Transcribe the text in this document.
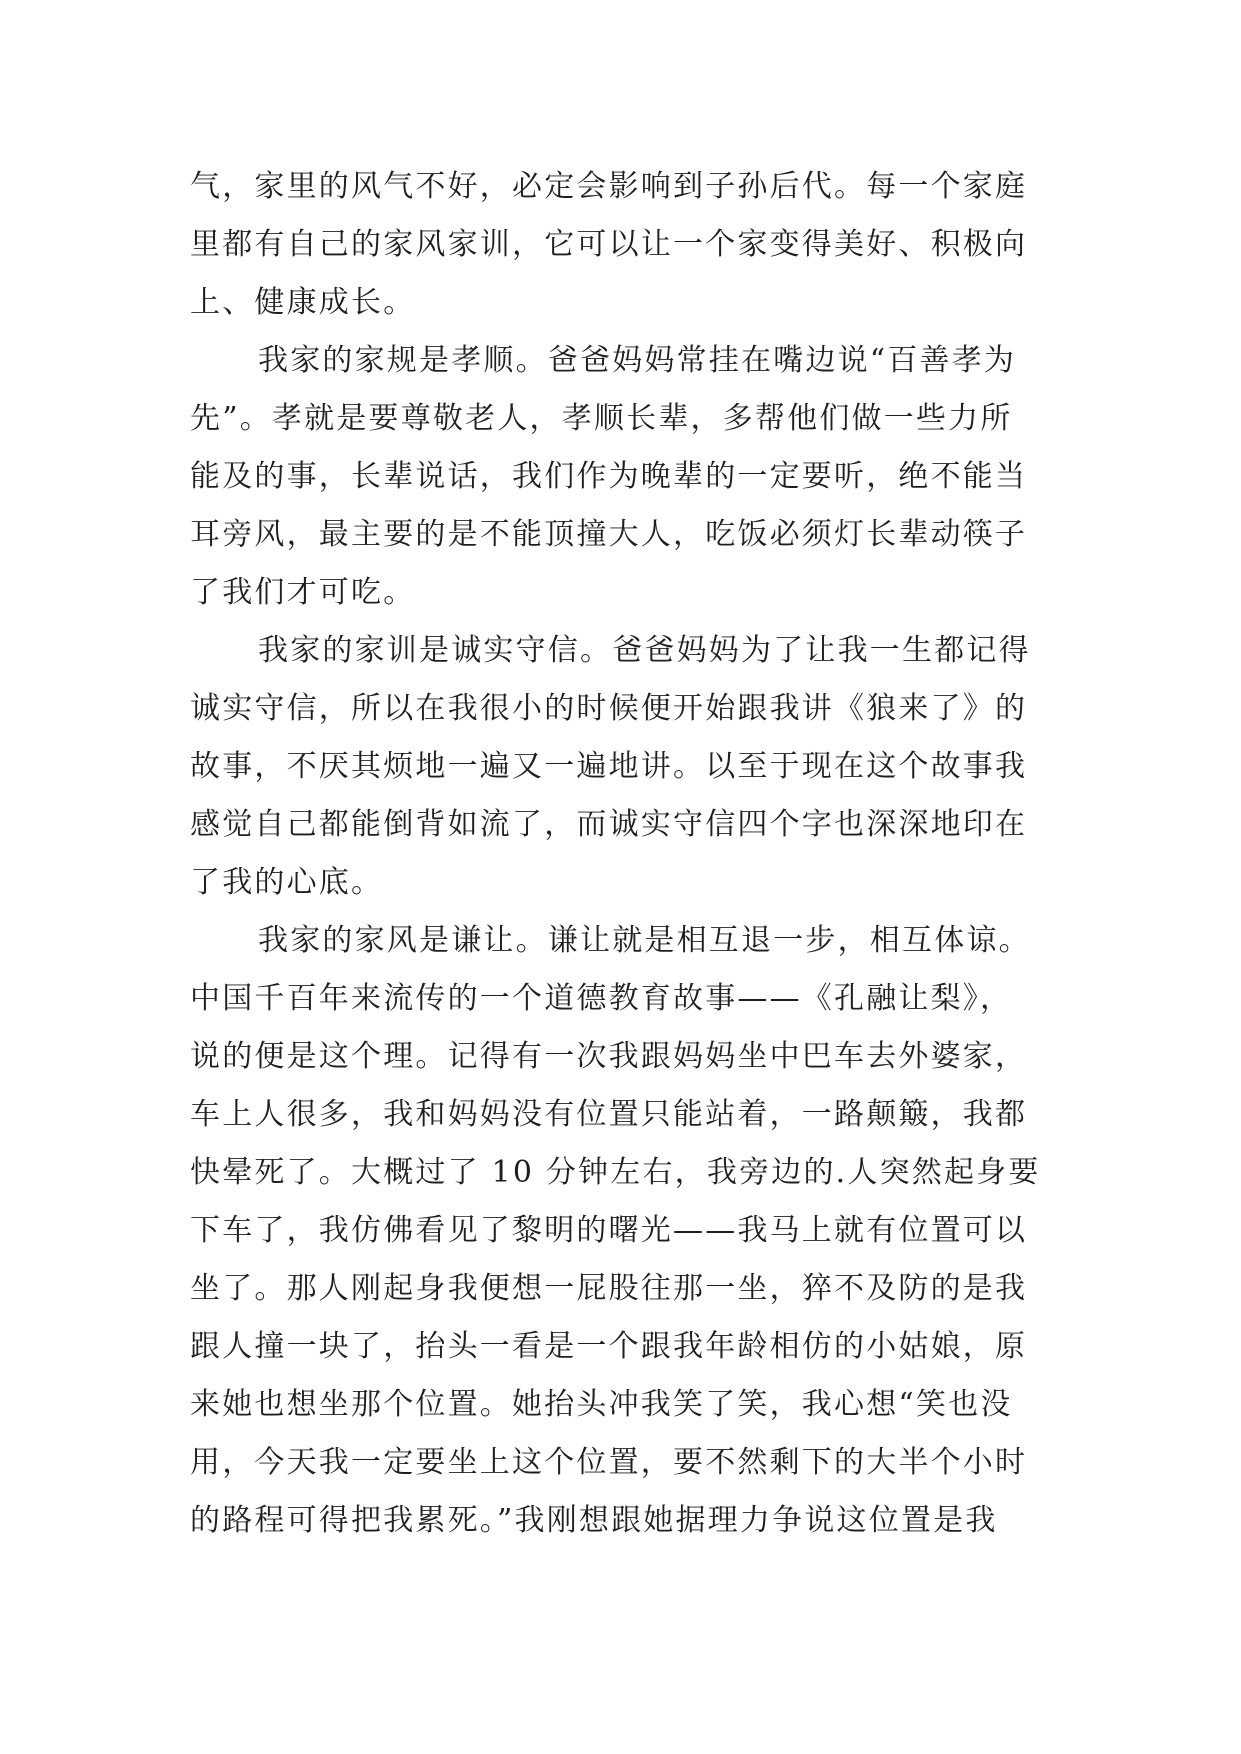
气，家里的风气不好，必定会影响到子孙后代。每一个家庭
里都有自己的家风家训，它可以让一个家变得美好、积极向
上、健康成长。
我家的家规是孝顺。爸爸妈妈常挂在嘴边说“百善孝为
先”。孝就是要尊敬老人，孝顺长辈，多帮他们做一些力所
能及的事，长辈说话，我们作为晚辈的一定要听，绝不能当
耳旁风，最主要的是不能顶撞大人，吃饭必须灯长辈动筷子
了我们才可吃。
我家的家训是诚实守信。爸爸妈妈为了让我一生都记得
诚实守信，所以在我很小的时候便开始跟我讲《狼来了》的
故事，不厌其烦地一遍又一遍地讲。以至于现在这个故事我
感觉自己都能倒背如流了，而诚实守信四个字也深深地印在
了我的心底。
我家的家风是谦让。谦让就是相互退一步，相互体谅。
中国千百年来流传的一个道德教育故事——《孔融让梨》，
说的便是这个理。记得有一次我跟妈妈坐中巴车去外婆家，
车上人很多，我和妈妈没有位置只能站着，一路颠簸，我都
快晕死了。大概过了 10 分钟左右，我旁边的.人突然起身要
下车了，我仿佛看见了黎明的曙光——我马上就有位置可以
坐了。那人刚起身我便想一屁股往那一坐，猝不及防的是我
跟人撞一块了，抬头一看是一个跟我年龄相仿的小姑娘，原
来她也想坐那个位置。她抬头冲我笑了笑，我心想“笑也没
用，今天我一定要坐上这个位置，要不然剩下的大半个小时
的路程可得把我累死。”我刚想跟她据理力争说这位置是我
